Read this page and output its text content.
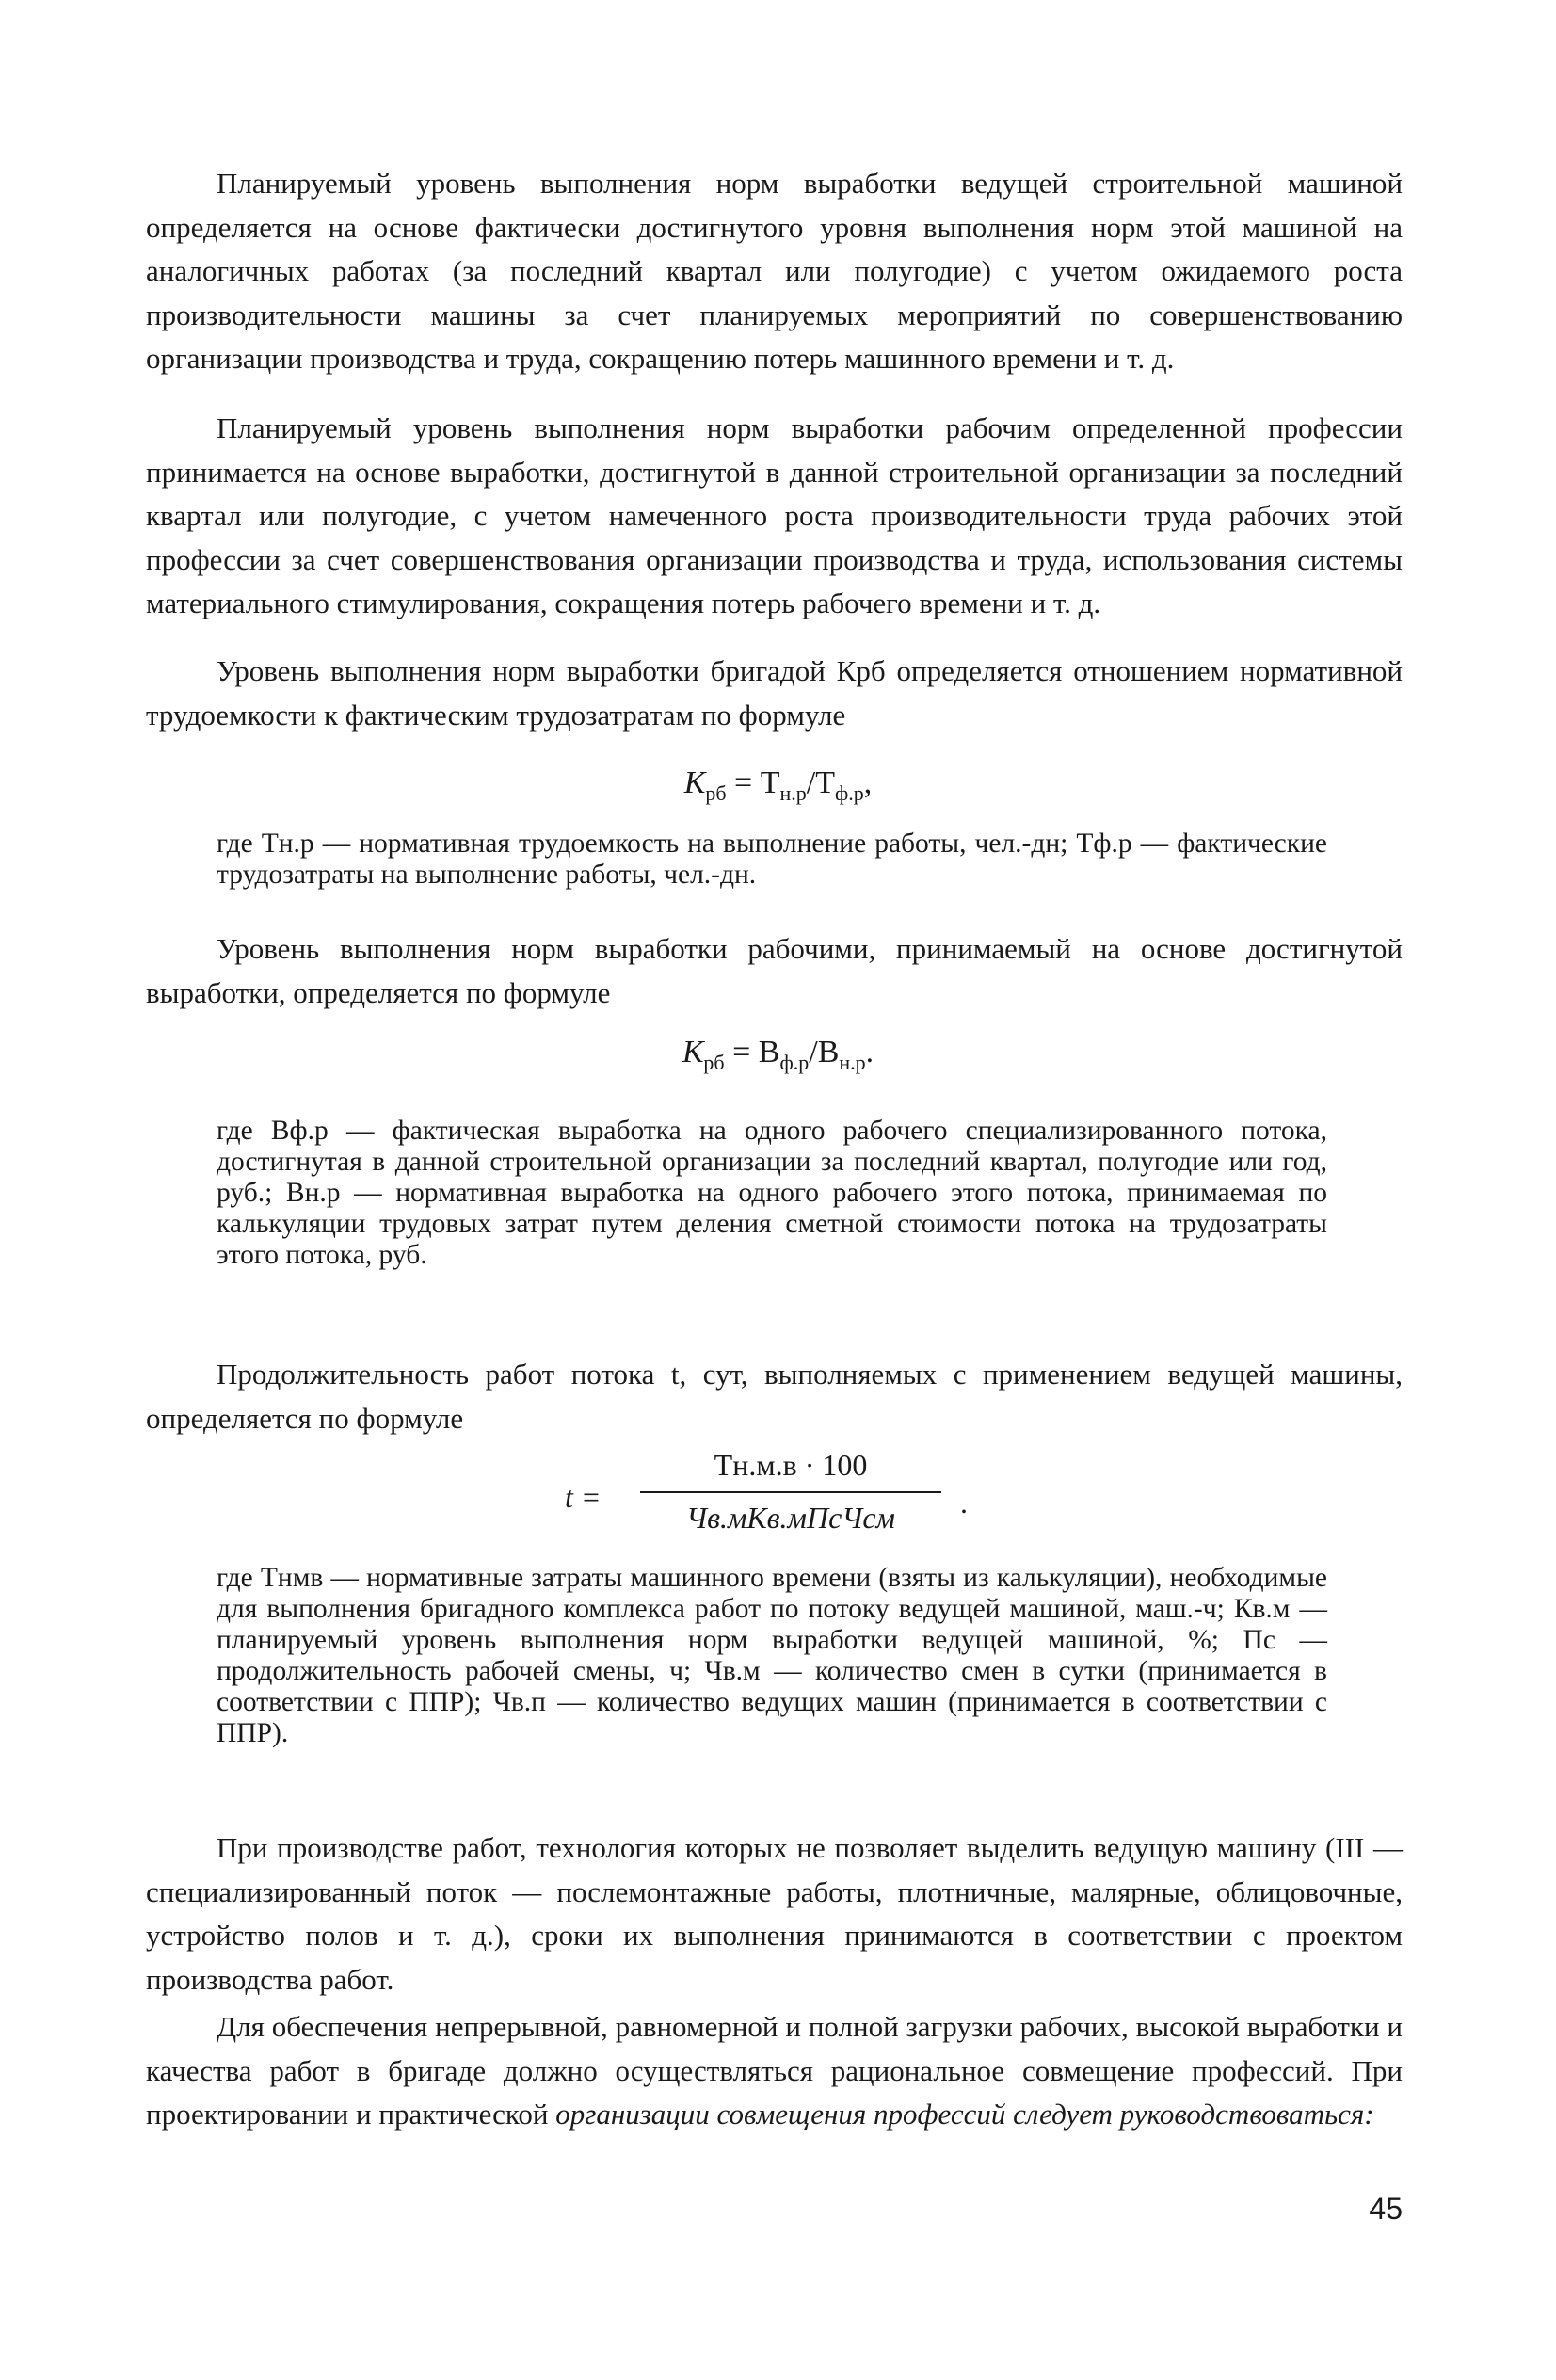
Планируемый уровень выполнения норм выработки ведущей строительной машиной определяется на основе фактически достигнутого уровня выполнения норм этой машиной на аналогичных работах (за последний квартал или полугодие) с учетом ожидаемого роста производительности машины за счет планируемых мероприятий по совершенствованию организации производства и труда, сокращению потерь машинного времени и т. д.
Планируемый уровень выполнения норм выработки рабочим определенной профессии принимается на основе выработки, достигнутой в данной строительной организации за последний квартал или полугодие, с учетом намеченного роста производительности труда рабочих этой профессии за счет совершенствования организации производства и труда, использования системы материального стимулирования, сокращения потерь рабочего времени и т. д.
Уровень выполнения норм выработки бригадой Кpб определяется отношением нормативной трудоемкости к фактическим трудозатратам по формуле
$К_{рб} = Т_{н.р}/Т_{ф.р}$,
где Тн.р — нормативная трудоемкость на выполнение работы, чел.-дн; Тф.р — фактические трудозатраты на выполнение работы, чел.-дн.
Уровень выполнения норм выработки рабочими, принимаемый на основе достигнутой выработки, определяется по формуле
$К_{рб} = В_{ф.р}/В_{н.р}$.
где Вф.р — фактическая выработка на одного рабочего специализированного потока, достигнутая в данной строительной организации за последний квартал, полугодие или год, руб.; Вн.р — нормативная выработка на одного рабочего этого потока, принимаемая по калькуляции трудовых затрат путем деления сметной стоимости потока на трудозатраты этого потока, руб.
Продолжительность работ потока t, сут, выполняемых с применением ведущей машины, определяется по формуле
t =
Тн.м.в · 100
Чв.мКв.мПсЧсм	.
где Тнмв — нормативные затраты машинного времени (взяты из калькуляции), необходимые для выполнения бригадного комплекса работ по потоку ведущей машиной, маш.-ч; Кв.м — планируемый уровень выполнения норм выработки ведущей машиной, %; Пс — продолжительность рабочей смены, ч; Чв.м — количество смен в сутки (принимается в соответствии с ППР); Чв.п — количество ведущих машин (принимается в соответствии с ППР).
При производстве работ, технология которых не позволяет выделить ведущую машину (III — специализированный поток — послемонтажные работы, плотничные, малярные, облицовочные, устройство полов и т. д.), сроки их выполнения принимаются в соответствии с проектом производства работ.
Для обеспечения непрерывной, равномерной и полной загрузки рабочих, высокой выработки и качества работ в бригаде должно осуществляться рациональное совмещение профессий. При проектировании и практической организации совмещения профессий следует руководствоваться:
45
